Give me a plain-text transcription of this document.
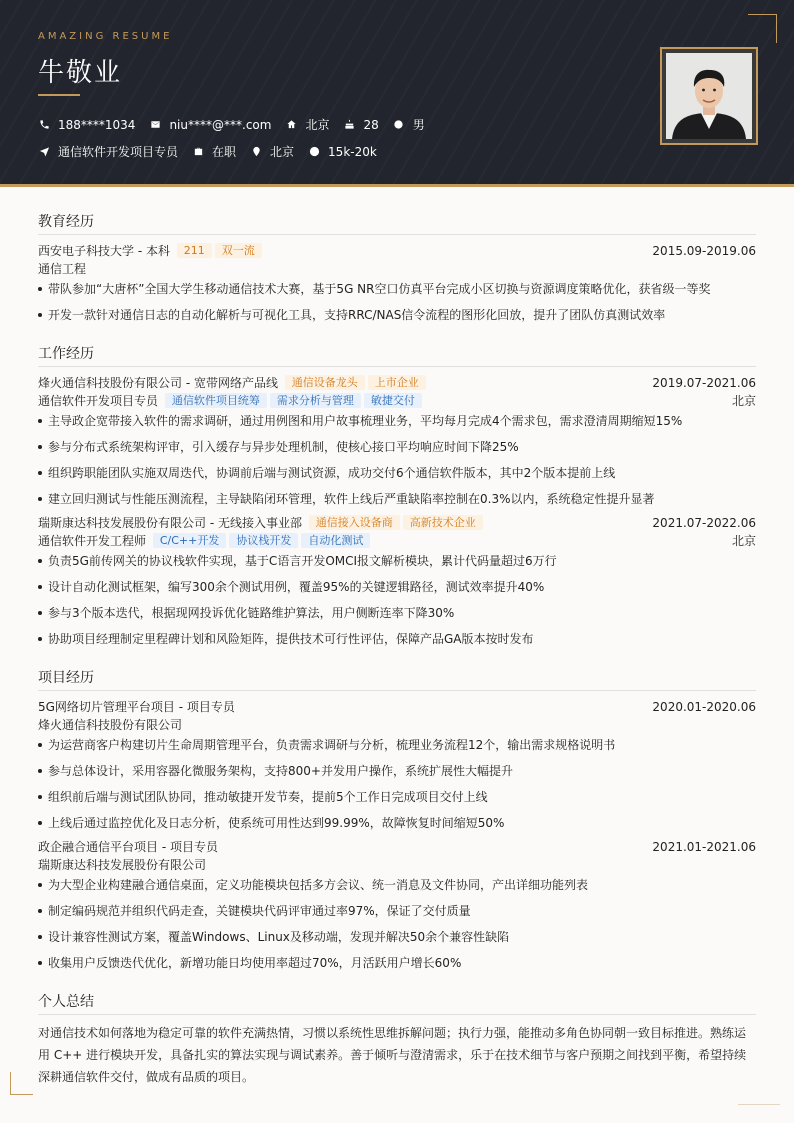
AMAZING RESUME
牛敬业
188****1034	niu****@***.com	北京	28	男
通信软件开发项目专员	在职	北京	15k-20k
教育经历
西安电子科技大学 - 本科 211 双一流	2015.09-2019.06
通信工程
带队参加“大唐杯”全国大学生移动通信技术大赛，基于5G NR空口仿真平台完成小区切换与资源调度策略优化，获省级一等奖
开发一款针对通信日志的自动化解析与可视化工具，支持RRC/NAS信令流程的图形化回放，提升了团队仿真测试效率
工作经历
烽火通信科技股份有限公司 - 宽带网络产品线 通信设备龙头 上市企业	2019.07-2021.06
通信软件开发项目专员 通信软件项目统筹 需求分析与管理 敏捷交付	北京
主导政企宽带接入软件的需求调研，通过用例图和用户故事梳理业务，平均每月完成4个需求包，需求澄清周期缩短15%
参与分布式系统架构评审，引入缓存与异步处理机制，使核心接口平均响应时间下降25%
组织跨职能团队实施双周迭代，协调前后端与测试资源，成功交付6个通信软件版本，其中2个版本提前上线
建立回归测试与性能压测流程，主导缺陷闭环管理，软件上线后严重缺陷率控制在0.3%以内，系统稳定性提升显著
瑞斯康达科技发展股份有限公司 - 无线接入事业部 通信接入设备商 高新技术企业	2021.07-2022.06
通信软件开发工程师 C/C++开发 协议栈开发 自动化测试	北京
负责5G前传网关的协议栈软件实现，基于C语言开发OMCI报文解析模块，累计代码量超过6万行
设计自动化测试框架，编写300余个测试用例，覆盖95%的关键逻辑路径，测试效率提升40%
参与3个版本迭代，根据现网投诉优化链路维护算法，用户侧断连率下降30%
协助项目经理制定里程碑计划和风险矩阵，提供技术可行性评估，保障产品GA版本按时发布
项目经历
5G网络切片管理平台项目 - 项目专员	2020.01-2020.06
烽火通信科技股份有限公司
为运营商客户构建切片生命周期管理平台，负责需求调研与分析，梳理业务流程12个，输出需求规格说明书
参与总体设计，采用容器化微服务架构，支持800+并发用户操作，系统扩展性大幅提升
组织前后端与测试团队协同，推动敏捷开发节奏，提前5个工作日完成项目交付上线
上线后通过监控优化及日志分析，使系统可用性达到99.99%，故障恢复时间缩短50%
政企融合通信平台项目 - 项目专员	2021.01-2021.06
瑞斯康达科技发展股份有限公司
为大型企业构建融合通信桌面，定义功能模块包括多方会议、统一消息及文件协同，产出详细功能列表
制定编码规范并组织代码走查，关键模块代码评审通过率97%，保证了交付质量
设计兼容性测试方案，覆盖Windows、Linux及移动端，发现并解决50余个兼容性缺陷
收集用户反馈迭代优化，新增功能日均使用率超过70%，月活跃用户增长60%
个人总结
对通信技术如何落地为稳定可靠的软件充满热情，习惯以系统性思维拆解问题；执行力强，能推动多角色协同朝一致目标推进。熟练运用 C++ 进行模块开发，具备扎实的算法实现与调试素养。善于倾听与澄清需求，乐于在技术细节与客户预期之间找到平衡，希望持续深耕通信软件交付，做成有品质的项目。
